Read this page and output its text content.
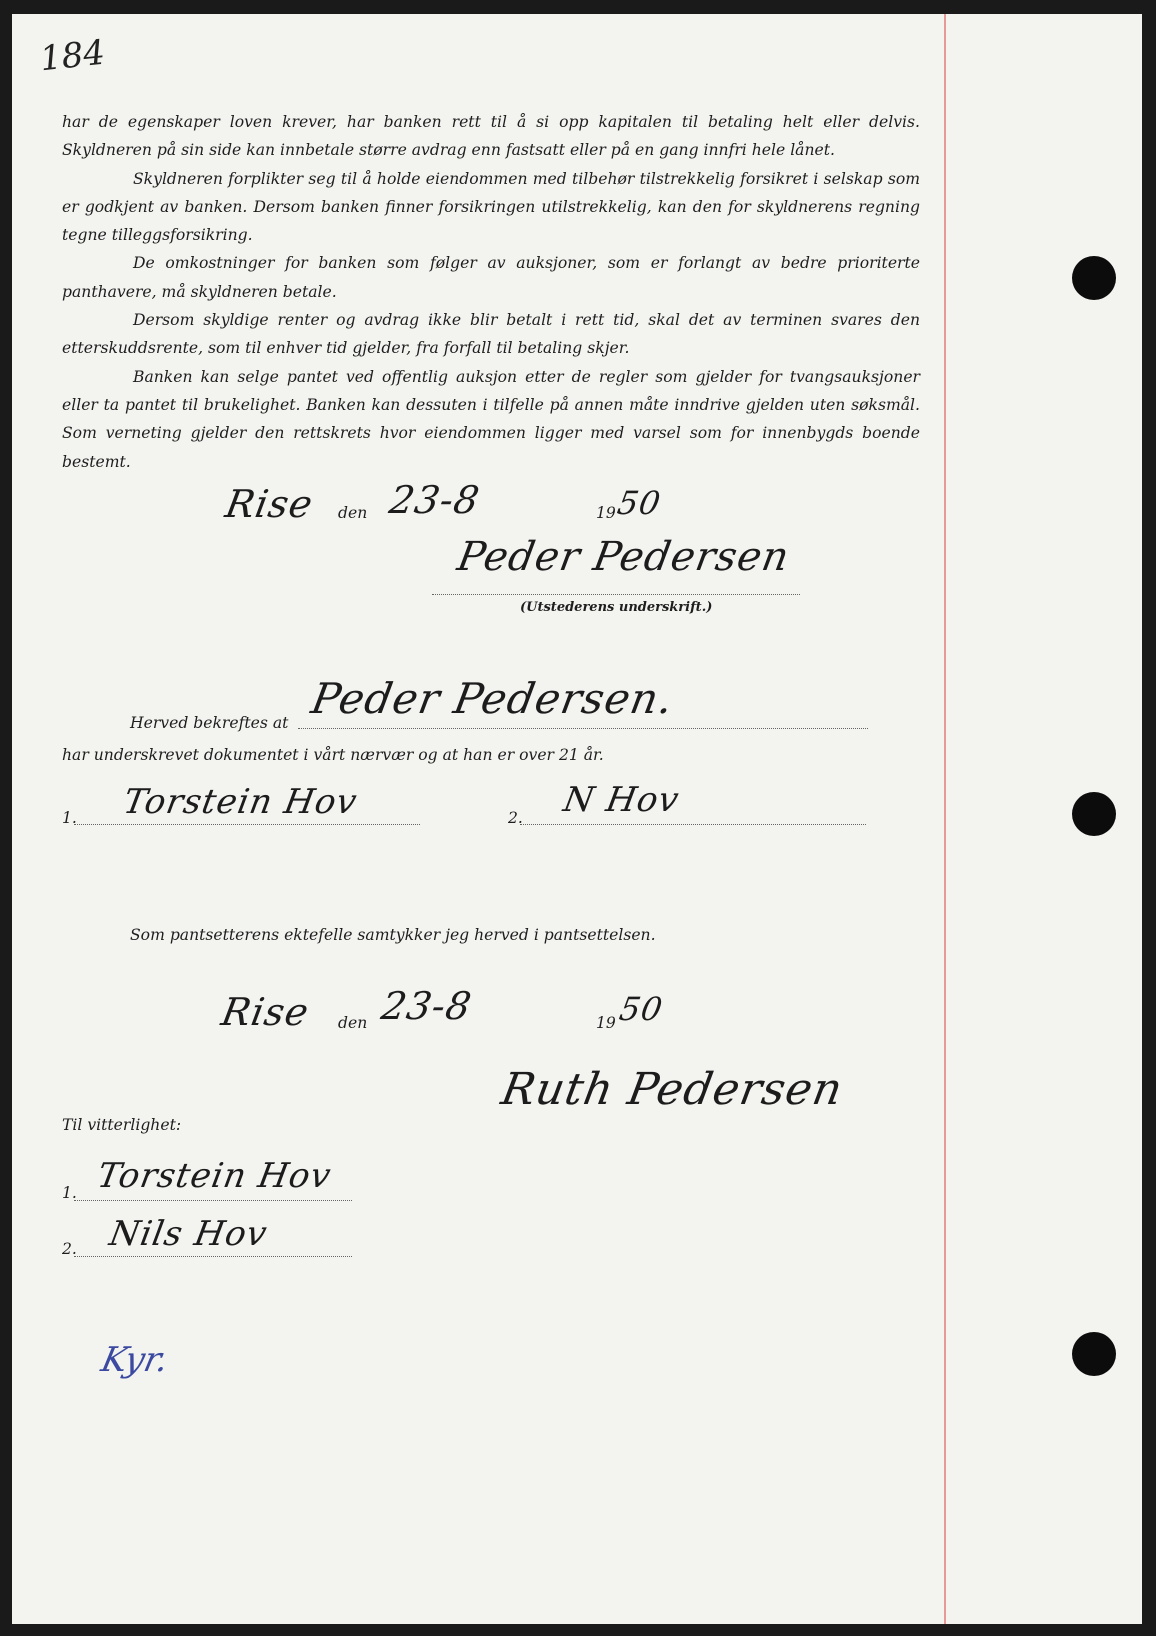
184

har de egenskaper loven krever, har banken rett til å si opp kapitalen til betaling helt eller delvis. Skyldneren på sin side kan innbetale større avdrag enn fastsatt eller på en gang innfri hele lånet.

Skyldneren forplikter seg til å holde eiendommen med tilbehør tilstrekkelig forsikret i selskap som er godkjent av banken. Dersom banken finner forsikringen utilstrekkelig, kan den for skyldnerens regning tegne tilleggsforsikring.

De omkostninger for banken som følger av auksjoner, som er forlangt av bedre prioriterte panthavere, må skyldneren betale.

Dersom skyldige renter og avdrag ikke blir betalt i rett tid, skal det av terminen svares den etterskuddsrente, som til enhver tid gjelder, fra forfall til betaling skjer.

Banken kan selge pantet ved offentlig auksjon etter de regler som gjelder for tvangsauksjoner eller ta pantet til brukelighet. Banken kan dessuten i tilfelle på annen måte inndrive gjelden uten søksmål. Som verneting gjelder den rettskrets hvor eiendommen ligger med varsel som for innenbygds boende bestemt.

Rise den 23-8	19
50
Peder Pedersen
(Utstederens underskrift.)
Herved bekreftes at Peder Pedersen.
har underskrevet dokumentet i vårt nærvær og at han er over 21 år.
1. Torstein Hov	2. N Hov
Som pantsetterens ektefelle samtykker jeg herved i pantsettelsen.
Rise den 23-8	19 50
Ruth Pedersen
Til vitterlighet:
1. Torstein Hov
2. Nils Hov
Kyr.
